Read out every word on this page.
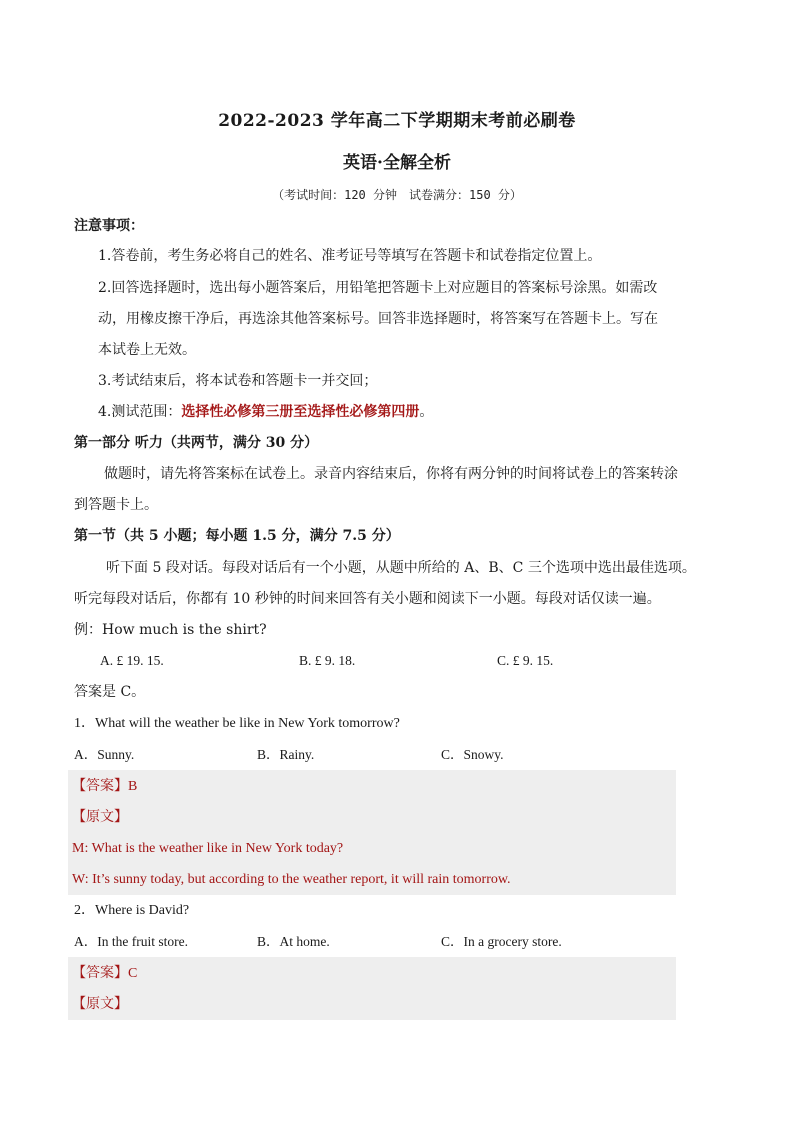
2022-2023 学年高二下学期期末考前必刷卷
英语·全解全析
（考试时间：120 分钟　试卷满分：150 分）
注意事项：
1.答卷前，考生务必将自己的姓名、准考证号等填写在答题卡和试卷指定位置上。
2.回答选择题时，选出每小题答案后，用铅笔把答题卡上对应题目的答案标号涂黑。如需改
动，用橡皮擦干净后，再选涂其他答案标号。回答非选择题时，将答案写在答题卡上。写在
本试卷上无效。
3.考试结束后，将本试卷和答题卡一并交回；
4.测试范围：选择性必修第三册至选择性必修第四册。
第一部分 听力（共两节，满分 30 分）
做题时，请先将答案标在试卷上。录音内容结束后，你将有两分钟的时间将试卷上的答案转涂
到答题卡上。
第一节（共 5 小题；每小题 1.5 分，满分 7.5 分）
听下面 5 段对话。每段对话后有一个小题，从题中所给的 A、B、C 三个选项中选出最佳选项。
听完每段对话后，你都有 10 秒钟的时间来回答有关小题和阅读下一小题。每段对话仅读一遍。
例：How much is the shirt?
A. £ 19. 15.	B. £ 9. 18.	C. £ 9. 15.
答案是 C。
1．What will the weather be like in New York tomorrow?
A．Sunny.	B．Rainy.	C．Snowy.
【答案】B
【原文】
M: What is the weather like in New York today?
W: It’s sunny today, but according to the weather report, it will rain tomorrow.
2．Where is David?
A．In the fruit store.	B．At home.	C．In a grocery store.
【答案】C
【原文】
